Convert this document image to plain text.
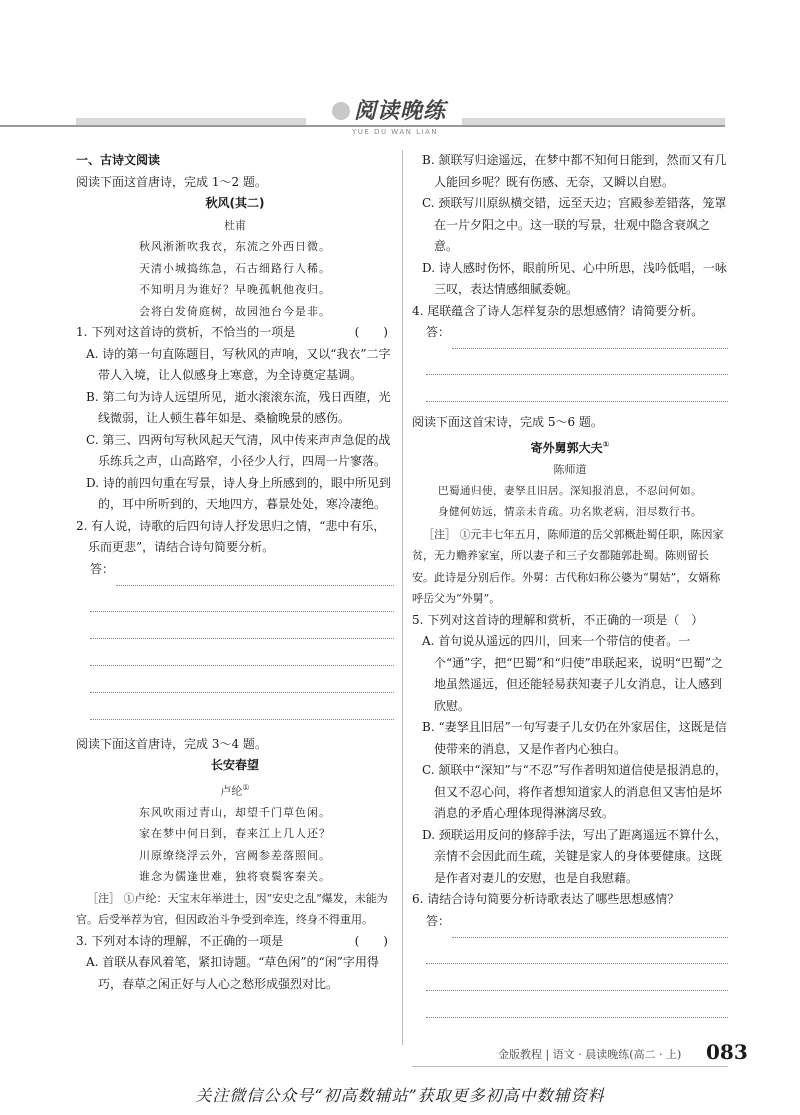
阅读晚练
YUE DU WAN LIAN
一、古诗文阅读
阅读下面这首唐诗，完成 1～2 题。
秋风(其二)
杜甫
秋风淅淅吹我衣，东流之外西日微。
天清小城捣练急，石古细路行人稀。
不知明月为谁好？早晚孤帆他夜归。
会将白发倚庭树，故园池台今是非。
1. 下列对这首诗的赏析，不恰当的一项是	(　　)
A. 诗的第一句直陈题目，写秋风的声响，又以“我衣”二字带人入境，让人似感身上寒意，为全诗奠定基调。
B. 第二句为诗人远望所见，逝水滚滚东流，残日西堕，光线微弱，让人顿生暮年如是、桑榆晚景的感伤。
C. 第三、四两句写秋风起天气清，风中传来声声急促的战乐练兵之声，山高路窄，小径少人行，四周一片寥落。
D. 诗的前四句重在写景，诗人身上所感到的，眼中所见到的，耳中所听到的，天地四方，暮景处处，寒冷凄绝。
2. 有人说，诗歌的后四句诗人抒发思归之情，“悲中有乐，乐而更悲”，请结合诗句简要分析。
答：
阅读下面这首唐诗，完成 3～4 题。
长安春望
卢纶①
东风吹雨过青山，却望千门草色闲。
家在梦中何日到，春来江上几人还？
川原缭绕浮云外，宫阙参差落照间。
谁念为儒逢世难，独将衰鬓客秦关。
［注］ ①卢纶：天宝末年举进士，因“安史之乱”爆发，未能为官。后受举荐为官，但因政治斗争受到牵连，终身不得重用。
3. 下列对本诗的理解，不正确的一项是	(　　)
A. 首联从春风着笔，紧扣诗题。“草色闲”的“闲”字用得巧，春草之闲正好与人心之愁形成强烈对比。
B. 颔联写归途遥远，在梦中都不知何日能到，然而又有几人能回乡呢？既有伤感、无奈，又瞬以自慰。
C. 颈联写川原纵横交错，远至天边；宫殿参差错落，笼罩在一片夕阳之中。这一联的写景，壮观中隐含衰飒之意。
D. 诗人感时伤怀，眼前所见、心中所思，浅吟低唱，一咏三叹，表达情感细腻委婉。
4. 尾联蕴含了诗人怎样复杂的思想感情？请简要分析。
答：
阅读下面这首宋诗，完成 5～6 题。
寄外舅郭大夫①
陈师道
巴蜀通归使，妻孥且旧居。深知报消息，不忍问何如。
身健何妨远，情亲未肯疏。功名欺老病，泪尽数行书。
［注］ ①元丰七年五月，陈师道的岳父郭概赴蜀任职，陈因家贫，无力赡养家室，所以妻子和三子女都随郭赴蜀。陈则留长安。此诗是分别后作。外舅：古代称妇称公婆为“舅姑”，女婿称呼岳父为“外舅”。
5. 下列对这首诗的理解和赏析，不正确的一项是（　）
A. 首句说从遥远的四川，回来一个带信的使者。一个“通”字，把“巴蜀”和“归使”串联起来，说明“巴蜀”之地虽然遥远，但还能轻易获知妻子儿女消息，让人感到欣慰。
B. “妻孥且旧居”一句写妻子儿女仍在外家居住，这既是信使带来的消息，又是作者内心独白。
C. 颔联中“深知”与“不忍”写作者明知道信使是报消息的，但又不忍心问，将作者想知道家人的消息但又害怕是坏消息的矛盾心理体现得淋漓尽致。
D. 颈联运用反问的修辞手法，写出了距离遥远不算什么，亲情不会因此而生疏，关键是家人的身体要健康。这既是作者对妻儿的安慰，也是自我慰藉。
6. 请结合诗句简要分析诗歌表达了哪些思想感情？
答：
金版教程 | 语文 · 晨读晚练(高二 · 上) 083
关注微信公众号“初高数辅站”获取更多初高中数辅资料
